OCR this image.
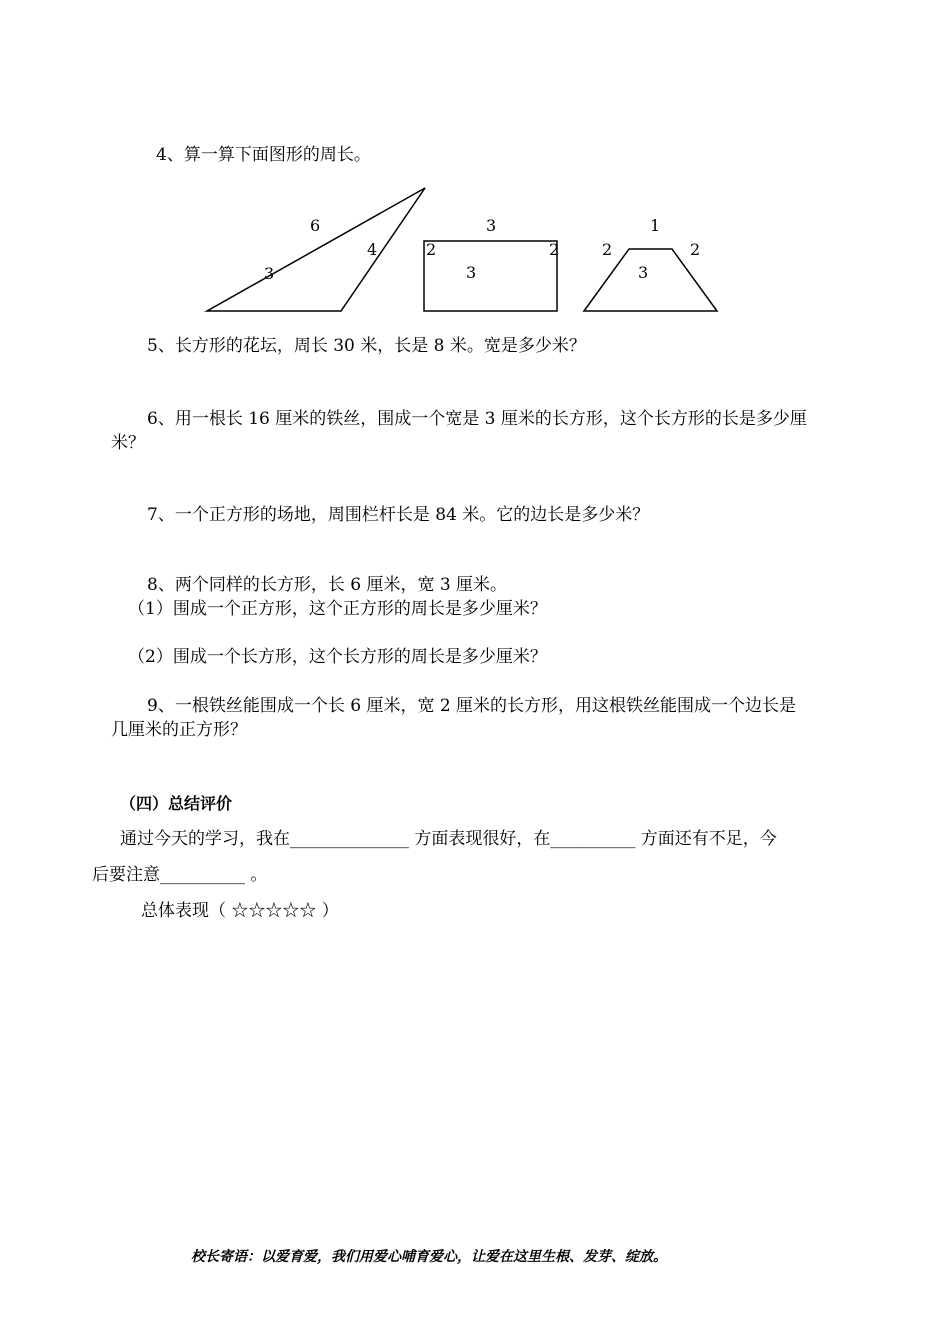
4、算一算下面图形的周长。
6
3
4
3
2	2
3
1
2	2
3
5、长方形的花坛，周长 30 米，长是 8 米。宽是多少米？
6、用一根长 16 厘米的铁丝，围成一个宽是 3 厘米的长方形，这个长方形的长是多少厘
米？
7、一个正方形的场地，周围栏杆长是 84 米。它的边长是多少米？
8、两个同样的长方形，长 6 厘米，宽 3 厘米。
（1）围成一个正方形，这个正方形的周长是多少厘米？
（2）围成一个长方形，这个长方形的周长是多少厘米？
9、一根铁丝能围成一个长 6 厘米，宽 2 厘米的长方形，用这根铁丝能围成一个边长是
几厘米的正方形？
（四）总结评价
通过今天的学习，我在______________ 方面表现很好，在__________ 方面还有不足，今
后要注意__________ 。
总体表现（ ☆☆☆☆☆ ）
校长寄语：以爱育爱，我们用爱心哺育爱心，让爱在这里生根、发芽、绽放。
